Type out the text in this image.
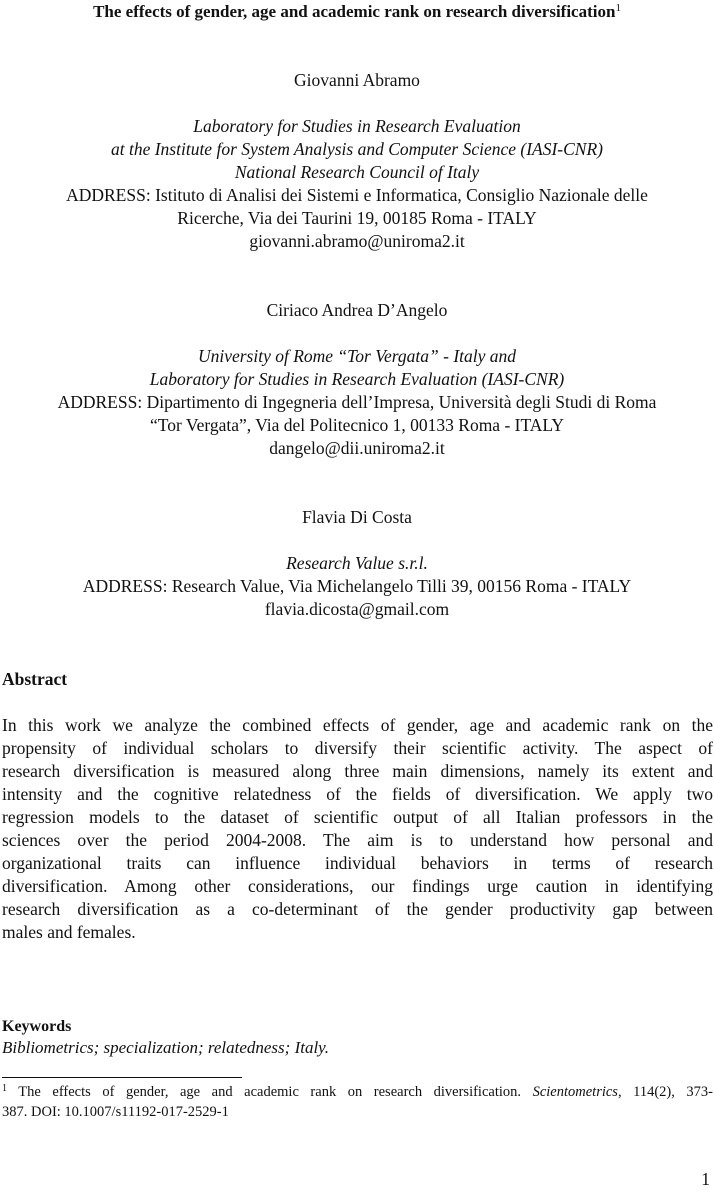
The effects of gender, age and academic rank on research diversification$^1$
Giovanni Abramo
Laboratory for Studies in Research Evaluation
at the Institute for System Analysis and Computer Science (IASI-CNR)
National Research Council of Italy
ADDRESS: Istituto di Analisi dei Sistemi e Informatica, Consiglio Nazionale delle
Ricerche, Via dei Taurini 19, 00185 Roma - ITALY
giovanni.abramo@uniroma2.it
Ciriaco Andrea D’Angelo
University of Rome “Tor Vergata” - Italy and
Laboratory for Studies in Research Evaluation (IASI-CNR)
ADDRESS: Dipartimento di Ingegneria dell’Impresa, Università degli Studi di Roma
“Tor Vergata”, Via del Politecnico 1, 00133 Roma - ITALY
dangelo@dii.uniroma2.it
Flavia Di Costa
Research Value s.r.l.
ADDRESS: Research Value, Via Michelangelo Tilli 39, 00156 Roma - ITALY
flavia.dicosta@gmail.com
Abstract
In this work we analyze the combined effects of gender, age and academic rank on the
propensity of individual scholars to diversify their scientific activity. The aspect of
research diversification is measured along three main dimensions, namely its extent and
intensity and the cognitive relatedness of the fields of diversification. We apply two
regression models to the dataset of scientific output of all Italian professors in the
sciences over the period 2004-2008. The aim is to understand how personal and
organizational traits can influence individual behaviors in terms of research
diversification. Among other considerations, our findings urge caution in identifying
research diversification as a co-determinant of the gender productivity gap between
males and females.
Keywords
Bibliometrics; specialization; relatedness; Italy.
$^1$ The effects of gender, age and academic rank on research diversification. Scientometrics, 114(2), 373-
387. DOI: 10.1007/s11192-017-2529-1
1
